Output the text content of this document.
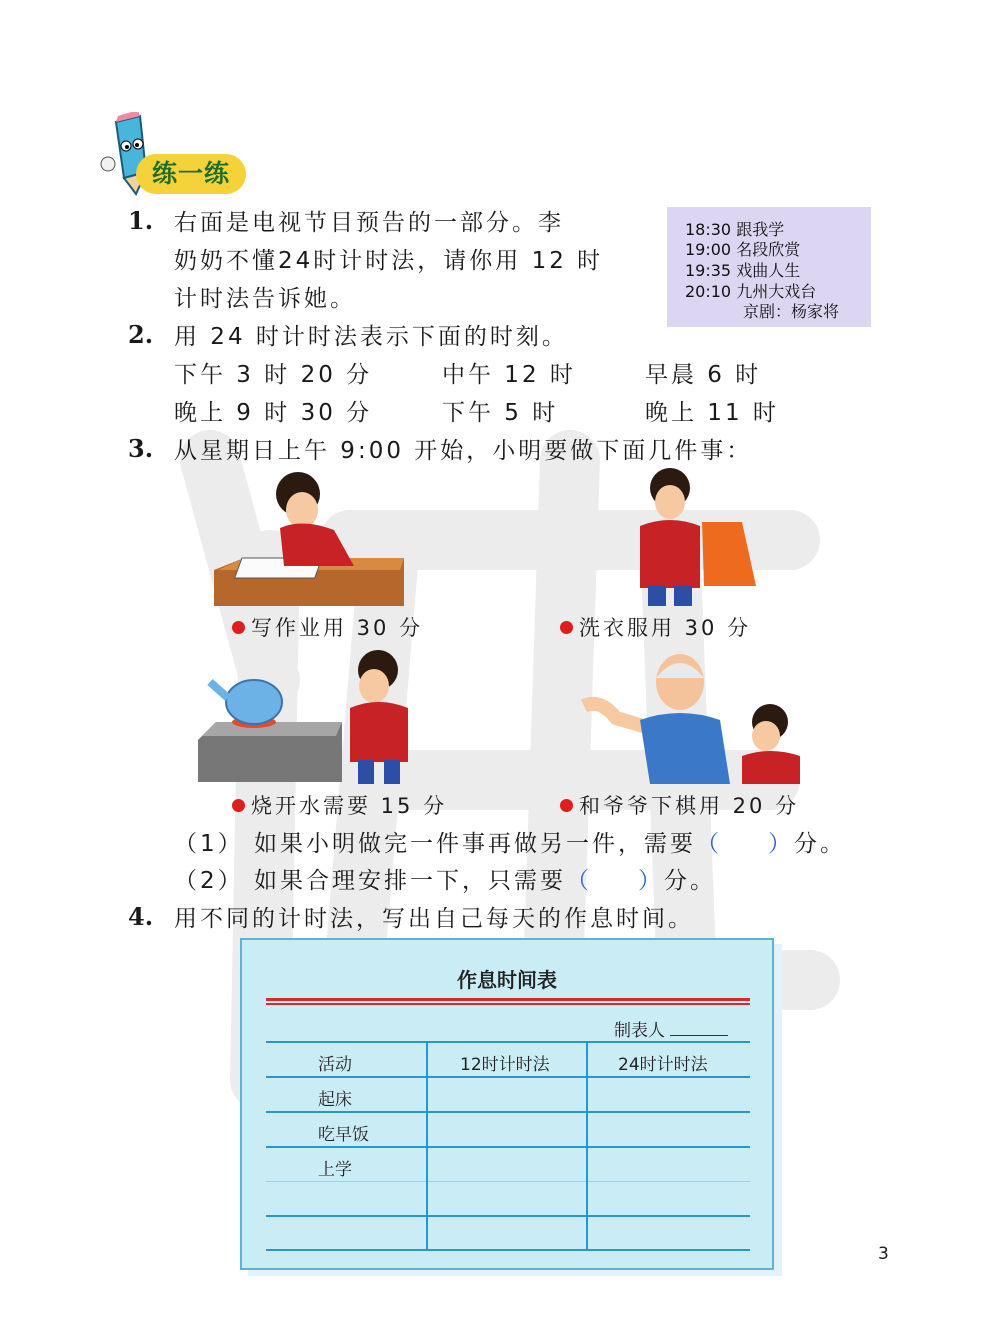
练一练
1. 右面是电视节目预告的一部分。李
奶奶不懂24时计时法，请你用 12 时
计时法告诉她。
18:30 跟我学
19:00 名段欣赏
19:35 戏曲人生
20:10 九州大戏台
京剧：杨家将
2. 用 24 时计时法表示下面的时刻。
下午 3 时 20 分	中午 12 时	早晨 6 时
晚上 9 时 30 分	下午 5 时	晚上 11 时
3. 从星期日上午 9:00 开始，小明要做下面几件事：
写作业用 30 分	洗衣服用 30 分
烧开水需要 15 分	和爷爷下棋用 20 分
（1） 如果小明做完一件事再做另一件，需要（ ）分。
（2） 如果合理安排一下，只需要（ ）分。
4. 用不同的计时法，写出自己每天的作息时间。
作息时间表
制表人
活动	12时计时法	24时计时法
起床
吃早饭
上学
3
